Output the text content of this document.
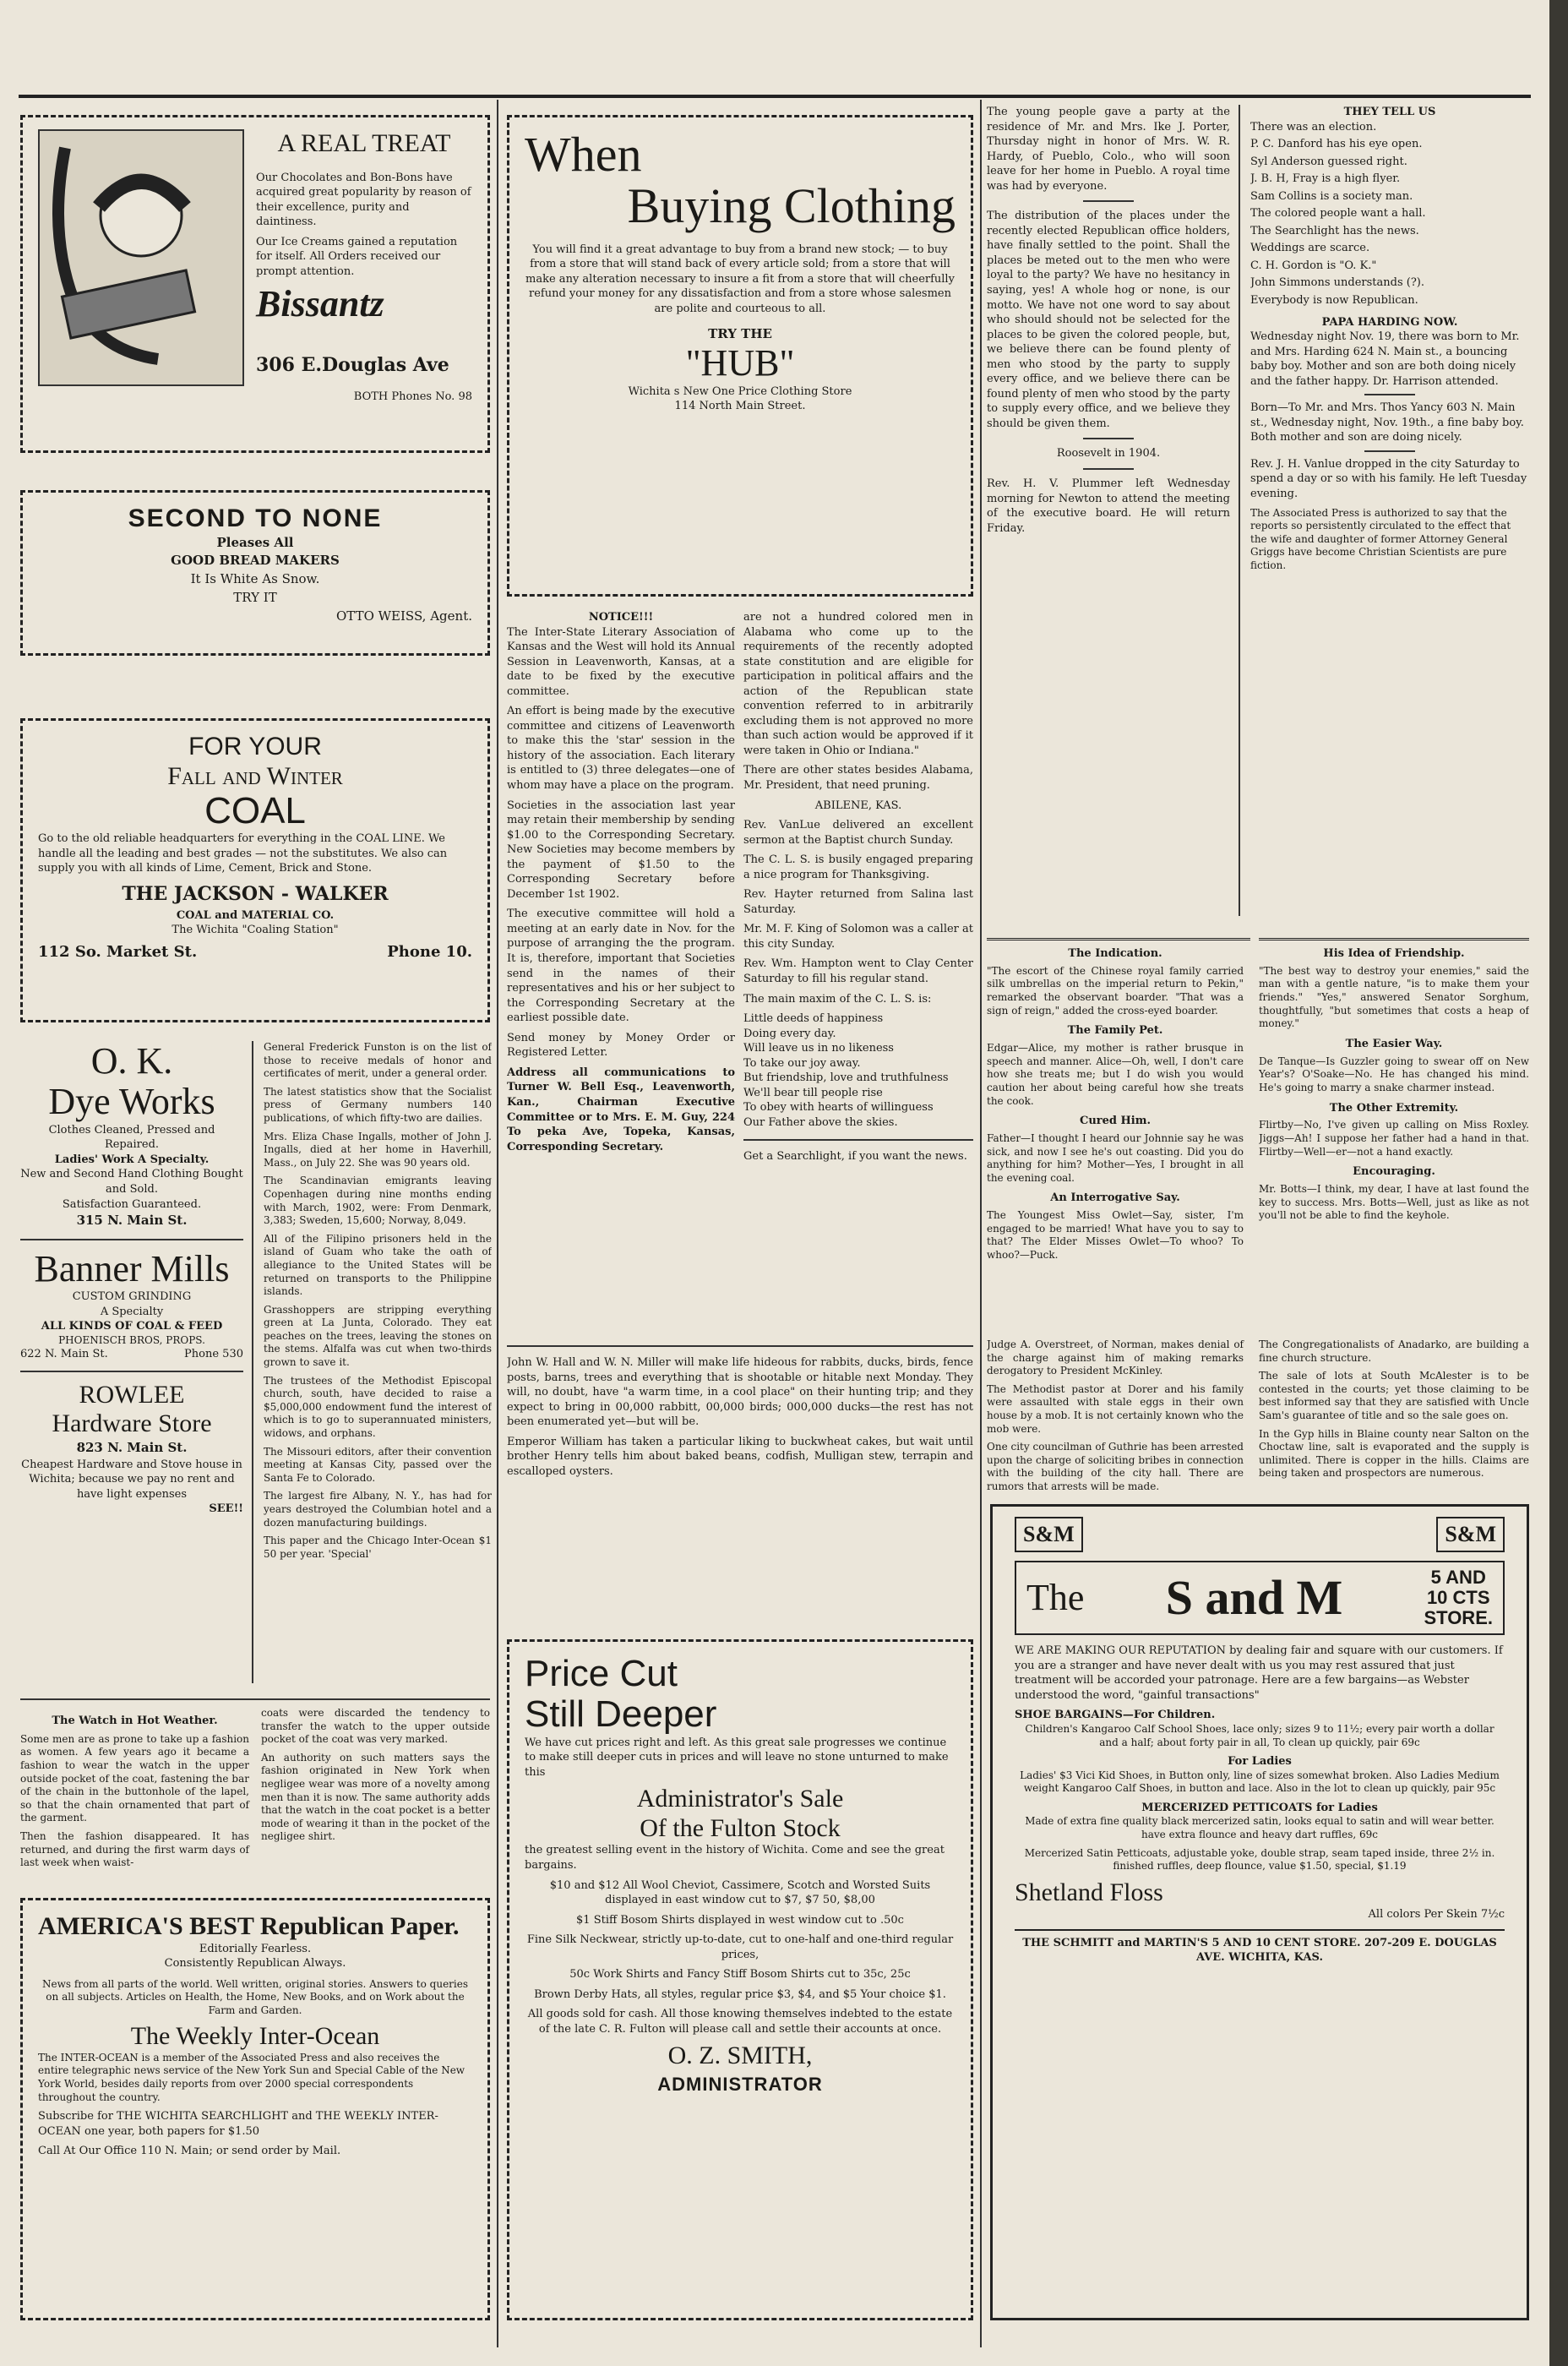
A REAL TREAT

Our Chocolates and Bon-Bons have acquired great popularity by reason of their excellence, purity and daintiness.

Our Ice Creams gained a reputation for itself. All Orders received our prompt attention.

Bissantz
306 E.Douglas Ave
BOTH Phones No. 98
SECOND TO NONE
Pleases All
GOOD BREAD MAKERS
It Is White As Snow.
TRY IT
OTTO WEISS, Agent.
FOR YOUR
Fall and Winter
COAL

Go to the old reliable headquarters for everything in the COAL LINE. We handle all the leading and best grades — not the substitutes. We also can supply you with all kinds of Lime, Cement, Brick and Stone.

THE JACKSON - WALKER
COAL and MATERIAL CO.
The Wichita "Coaling Station"
112 So. Market St.	Phone 10.
O. K.
Dye Works
Clothes Cleaned, Pressed and Repaired.
Ladies' Work A Specialty.
New and Second Hand Clothing Bought and Sold.
Satisfaction Guaranteed.
315 N. Main St.
Banner Mills
CUSTOM GRINDING
A Specialty
ALL KINDS OF COAL & FEED
PHOENISCH BROS, PROPS.
622 N. Main St.	Phone 530
ROWLEE
Hardware Store
823 N. Main St.
Cheapest Hardware and Stove house in Wichita; because we pay no rent and have light expenses
SEE!!

General Frederick Funston is on the list of those to receive medals of honor and certificates of merit, under a general order.

The latest statistics show that the Socialist press of Germany numbers 140 publications, of which fifty-two are dailies.

Mrs. Eliza Chase Ingalls, mother of John J. Ingalls, died at her home in Haverhill, Mass., on July 22. She was 90 years old.

The Scandinavian emigrants leaving Copenhagen during nine months ending with March, 1902, were: From Denmark, 3,383; Sweden, 15,600; Norway, 8,049.

All of the Filipino prisoners held in the island of Guam who take the oath of allegiance to the United States will be returned on transports to the Philippine islands.

Grasshoppers are stripping everything green at La Junta, Colorado. They eat peaches on the trees, leaving the stones on the stems. Alfalfa was cut when two-thirds grown to save it.

The trustees of the Methodist Episcopal church, south, have decided to raise a $5,000,000 endowment fund the interest of which is to go to superannuated ministers, widows, and orphans.

The Missouri editors, after their convention meeting at Kansas City, passed over the Santa Fe to Colorado.

The largest fire Albany, N. Y., has had for years destroyed the Columbian hotel and a dozen manufacturing buildings.

This paper and the Chicago Inter-Ocean $1 50 per year. 'Special'

The Watch in Hot Weather.

Some men are as prone to take up a fashion as women. A few years ago it became a fashion to wear the watch in the upper outside pocket of the coat, fastening the bar of the chain in the buttonhole of the lapel, so that the chain ornamented that part of the garment.

Then the fashion disappeared. It has returned, and during the first warm days of last week when waist-

coats were discarded the tendency to transfer the watch to the upper outside pocket of the coat was very marked.

An authority on such matters says the fashion originated in New York when negligee wear was more of a novelty among men than it is now. The same authority adds that the watch in the coat pocket is a better mode of wearing it than in the pocket of the negligee shirt.

AMERICA'S BEST Republican Paper.
Editorially Fearless.
Consistently Republican Always.

News from all parts of the world. Well written, original stories. Answers to queries on all subjects. Articles on Health, the Home, New Books, and on Work about the Farm and Garden.

The Weekly Inter-Ocean

The INTER-OCEAN is a member of the Associated Press and also receives the entire telegraphic news service of the New York Sun and Special Cable of the New York World, besides daily reports from over 2000 special correspondents throughout the country.

Subscribe for THE WICHITA SEARCHLIGHT and THE WEEKLY INTER-OCEAN one year, both papers for $1.50

Call At Our Office 110 N. Main; or send order by Mail.

When
Buying Clothing

You will find it a great advantage to buy from a brand new stock; — to buy from a store that will stand back of every article sold; from a store that will make any alteration necessary to insure a fit from a store that will cheerfully refund your money for any dissatisfaction and from a store whose salesmen are polite and courteous to all.

TRY THE
"HUB"
Wichita s New One Price Clothing Store
114 North Main Street.
NOTICE!!!

The Inter-State Literary Association of Kansas and the West will hold its Annual Session in Leavenworth, Kansas, at a date to be fixed by the executive committee.

An effort is being made by the executive committee and citizens of Leavenworth to make this the 'star' session in the history of the association. Each literary is entitled to (3) three delegates—one of whom may have a place on the program.

Societies in the association last year may retain their membership by sending $1.00 to the Corresponding Secretary. New Societies may become members by the payment of $1.50 to the Corresponding Secretary before December 1st 1902.

The executive committee will hold a meeting at an early date in Nov. for the purpose of arranging the the program. It is, therefore, important that Societies send in the names of their representatives and his or her subject to the Corresponding Secretary at the earliest possible date.

Send money by Money Order or Registered Letter.

Address all communications to Turner W. Bell Esq., Leavenworth, Kan., Chairman Executive Committee or to Mrs. E. M. Guy, 224 To peka Ave, Topeka, Kansas, Corresponding Secretary.

are not a hundred colored men in Alabama who come up to the requirements of the recently adopted state constitution and are eligible for participation in political affairs and the action of the Republican state convention referred to in arbitrarily excluding them is not approved no more than such action would be approved if it were taken in Ohio or Indiana."

There are other states besides Alabama, Mr. President, that need pruning.

ABILENE, KAS.

Rev. VanLue delivered an excellent sermon at the Baptist church Sunday.

The C. L. S. is busily engaged preparing a nice program for Thanksgiving.

Rev. Hayter returned from Salina last Saturday.

Mr. M. F. King of Solomon was a caller at this city Sunday.

Rev. Wm. Hampton went to Clay Center Saturday to fill his regular stand.

The main maxim of the C. L. S. is:

Little deeds of happiness
Doing every day.
Will leave us in no likeness
To take our joy away.
But friendship, love and truthfulness
We'll bear till people rise
To obey with hearts of willinguess
Our Father above the skies.

Get a Searchlight, if you want the news.

John W. Hall and W. N. Miller will make life hideous for rabbits, ducks, birds, fence posts, barns, trees and everything that is shootable or hitable next Monday. They will, no doubt, have "a warm time, in a cool place" on their hunting trip; and they expect to bring in 00,000 rabbitt, 00,000 birds; 000,000 ducks—the rest has not been enumerated yet—but will be.

Emperor William has taken a particular liking to buckwheat cakes, but wait until brother Henry tells him about baked beans, codfish, Mulligan stew, terrapin and escalloped oysters.

Price Cut
Still Deeper

We have cut prices right and left. As this great sale progresses we continue to make still deeper cuts in prices and will leave no stone unturned to make this

Administrator's Sale
Of the Fulton Stock

the greatest selling event in the history of Wichita. Come and see the great bargains.

$10 and $12 All Wool Cheviot, Cassimere, Scotch and Worsted Suits displayed in east window cut to $7, $7 50, $8,00

$1 Stiff Bosom Shirts displayed in west window cut to .50c

Fine Silk Neckwear, strictly up-to-date, cut to one-half and one-third regular prices,

50c Work Shirts and Fancy Stiff Bosom Shirts cut to 35c, 25c

Brown Derby Hats, all styles, regular price $3, $4, and $5 Your choice $1.

All goods sold for cash. All those knowing themselves indebted to the estate of the late C. R. Fulton will please call and settle their accounts at once.

O. Z. SMITH,
ADMINISTRATOR

The young people gave a party at the residence of Mr. and Mrs. Ike J. Porter, Thursday night in honor of Mrs. W. R. Hardy, of Pueblo, Colo., who will soon leave for her home in Pueblo. A royal time was had by everyone.

The distribution of the places under the recently elected Republican office holders, have finally settled to the point. Shall the places be meted out to the men who were loyal to the party? We have no hesitancy in saying, yes! A whole hog or none, is our motto. We have not one word to say about who should should not be selected for the places to be given the colored people, but, we believe there can be found plenty of men who stood by the party to supply every office, and we believe there can be found plenty of men who stood by the party to supply every office, and we believe they should be given them.

Roosevelt in 1904.

Rev. H. V. Plummer left Wednesday morning for Newton to attend the meeting of the executive board. He will return Friday.

THEY TELL US
There was an election.
P. C. Danford has his eye open.
Syl Anderson guessed right.
J. B. H, Fray is a high flyer.
Sam Collins is a society man.
The colored people want a hall.
The Searchlight has the news.
Weddings are scarce.
C. H. Gordon is "O. K."
John Simmons understands (?).
Everybody is now Republican.
PAPA HARDING NOW.

Wednesday night Nov. 19, there was born to Mr. and Mrs. Harding 624 N. Main st., a bouncing baby boy. Mother and son are both doing nicely and the father happy. Dr. Harrison attended.

Born—To Mr. and Mrs. Thos Yancy 603 N. Main st., Wednesday night, Nov. 19th., a fine baby boy. Both mother and son are doing nicely.

Rev. J. H. Vanlue dropped in the city Saturday to spend a day or so with his family. He left Tuesday evening.

The Associated Press is authorized to say that the reports so persistently circulated to the effect that the wife and daughter of former Attorney General Griggs have become Christian Scientists are pure fiction.

The Indication.

"The escort of the Chinese royal family carried silk umbrellas on the imperial return to Pekin," remarked the observant boarder. "That was a sign of reign," added the cross-eyed boarder.

The Family Pet.

Edgar—Alice, my mother is rather brusque in speech and manner. Alice—Oh, well, I don't care how she treats me; but I do wish you would caution her about being careful how she treats the cook.

Cured Him.

Father—I thought I heard our Johnnie say he was sick, and now I see he's out coasting. Did you do anything for him? Mother—Yes, I brought in all the evening coal.

An Interrogative Say.

The Youngest Miss Owlet—Say, sister, I'm engaged to be married! What have you to say to that? The Elder Misses Owlet—To whoo? To whoo?—Puck.

Judge A. Overstreet, of Norman, makes denial of the charge against him of making remarks derogatory to President McKinley.

The Methodist pastor at Dorer and his family were assaulted with stale eggs in their own house by a mob. It is not certainly known who the mob were.

One city councilman of Guthrie has been arrested upon the charge of soliciting bribes in connection with the building of the city hall. There are rumors that arrests will be made.

His Idea of Friendship.

"The best way to destroy your enemies," said the man with a gentle nature, "is to make them your friends." "Yes," answered Senator Sorghum, thoughtfully, "but sometimes that costs a heap of money."

The Easier Way.

De Tanque—Is Guzzler going to swear off on New Year's? O'Soake—No. He has changed his mind. He's going to marry a snake charmer instead.

The Other Extremity.

Flirtby—No, I've given up calling on Miss Roxley. Jiggs—Ah! I suppose her father had a hand in that. Flirtby—Well—er—not a hand exactly.

Encouraging.

Mr. Botts—I think, my dear, I have at last found the key to success. Mrs. Botts—Well, just as like as not you'll not be able to find the keyhole.

The Congregationalists of Anadarko, are building a fine church structure.

The sale of lots at South McAlester is to be contested in the courts; yet those claiming to be best informed say that they are satisfied with Uncle Sam's guarantee of title and so the sale goes on.

In the Gyp hills in Blaine county near Salton on the Choctaw line, salt is evaporated and the supply is unlimited. There is copper in the hills. Claims are being taken and prospectors are numerous.

S&M	S&M
The S and M	5 AND
10 CTS
STORE.

WE ARE MAKING OUR REPUTATION by dealing fair and square with our customers. If you are a stranger and have never dealt with us you may rest assured that just treatment will be accorded your patronage. Here are a few bargains—as Webster understood the word, "gainful transactions"

SHOE BARGAINS—For Children.

Children's Kangaroo Calf School Shoes, lace only; sizes 9 to 11½; every pair worth a dollar and a half; about forty pair in all, To clean up quickly, pair 69c

For Ladies

Ladies' $3 Vici Kid Shoes, in Button only, line of sizes somewhat broken. Also Ladies Medium weight Kangaroo Calf Shoes, in button and lace. Also in the lot to clean up quickly, pair 95c

MERCERIZED PETTICOATS for Ladies

Made of extra fine quality black mercerized satin, looks equal to satin and will wear better. have extra flounce and heavy dart ruffles, 69c

Mercerized Satin Petticoats, adjustable yoke, double strap, seam taped inside, three 2½ in. finished ruffles, deep flounce, value $1.50, special, $1.19

Shetland Floss
All colors Per Skein 7½c
THE SCHMITT and MARTIN'S 5 AND 10 CENT STORE. 207-209 E. DOUGLAS AVE. WICHITA, KAS.
